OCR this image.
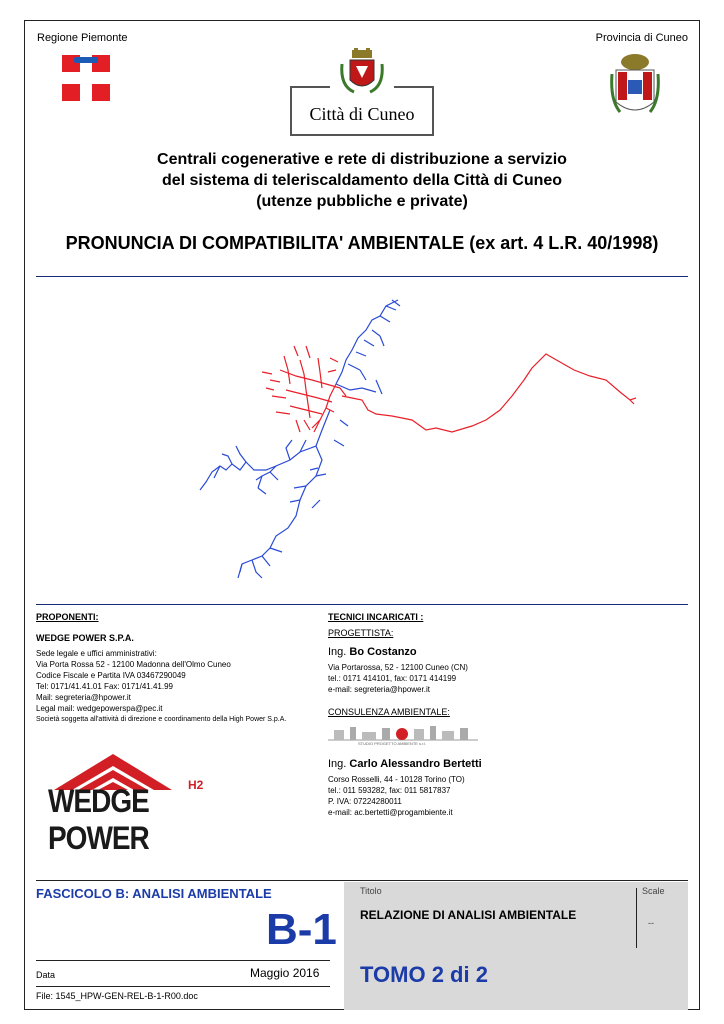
Regione Piemonte	Provincia di Cuneo
Città di Cuneo
Centrali cogenerative e rete di distribuzione a servizio
del sistema di teleriscaldamento della Città di Cuneo
(utenze pubbliche e private)
PRONUNCIA DI COMPATIBILITA' AMBIENTALE (ex art. 4 L.R. 40/1998)
PROPONENTI:
WEDGE POWER S.P.A.
Sede legale e uffici amministrativi:
Via Porta Rossa 52 - 12100 Madonna dell'Olmo Cuneo
Codice Fiscale e Partita IVA 03467290049
Tel: 0171/41.41.01 Fax: 0171/41.41.99
Mail: segreteria@hpower.it
Legal mail: wedgepowerspa@pec.it
Società soggetta all'attività di direzione e coordinamento della High Power S.p.A.
WEDGE POWER
H2
TECNICI INCARICATI :
PROGETTISTA:
Ing. Bo Costanzo
Via Portarossa, 52 - 12100 Cuneo (CN)
tel.: 0171 414101, fax: 0171 414199
e-mail: segreteria@hpower.it
CONSULENZA AMBIENTALE:
STUDIO PROGETTO AMBIENTE s.r.l.
Ing. Carlo Alessandro Bertetti
Corso Rosselli, 44 - 10128 Torino (TO)
tel.: 011 593282, fax: 011 5817837
P. IVA: 07224280011
e-mail: ac.bertetti@progambiente.it
FASCICOLO B: ANALISI AMBIENTALE
B-1
Data	Maggio 2016
File: 1545_HPW-GEN-REL-B-1-R00.doc
Titolo
RELAZIONE DI ANALISI AMBIENTALE
Scale
--
TOMO 2 di 2
